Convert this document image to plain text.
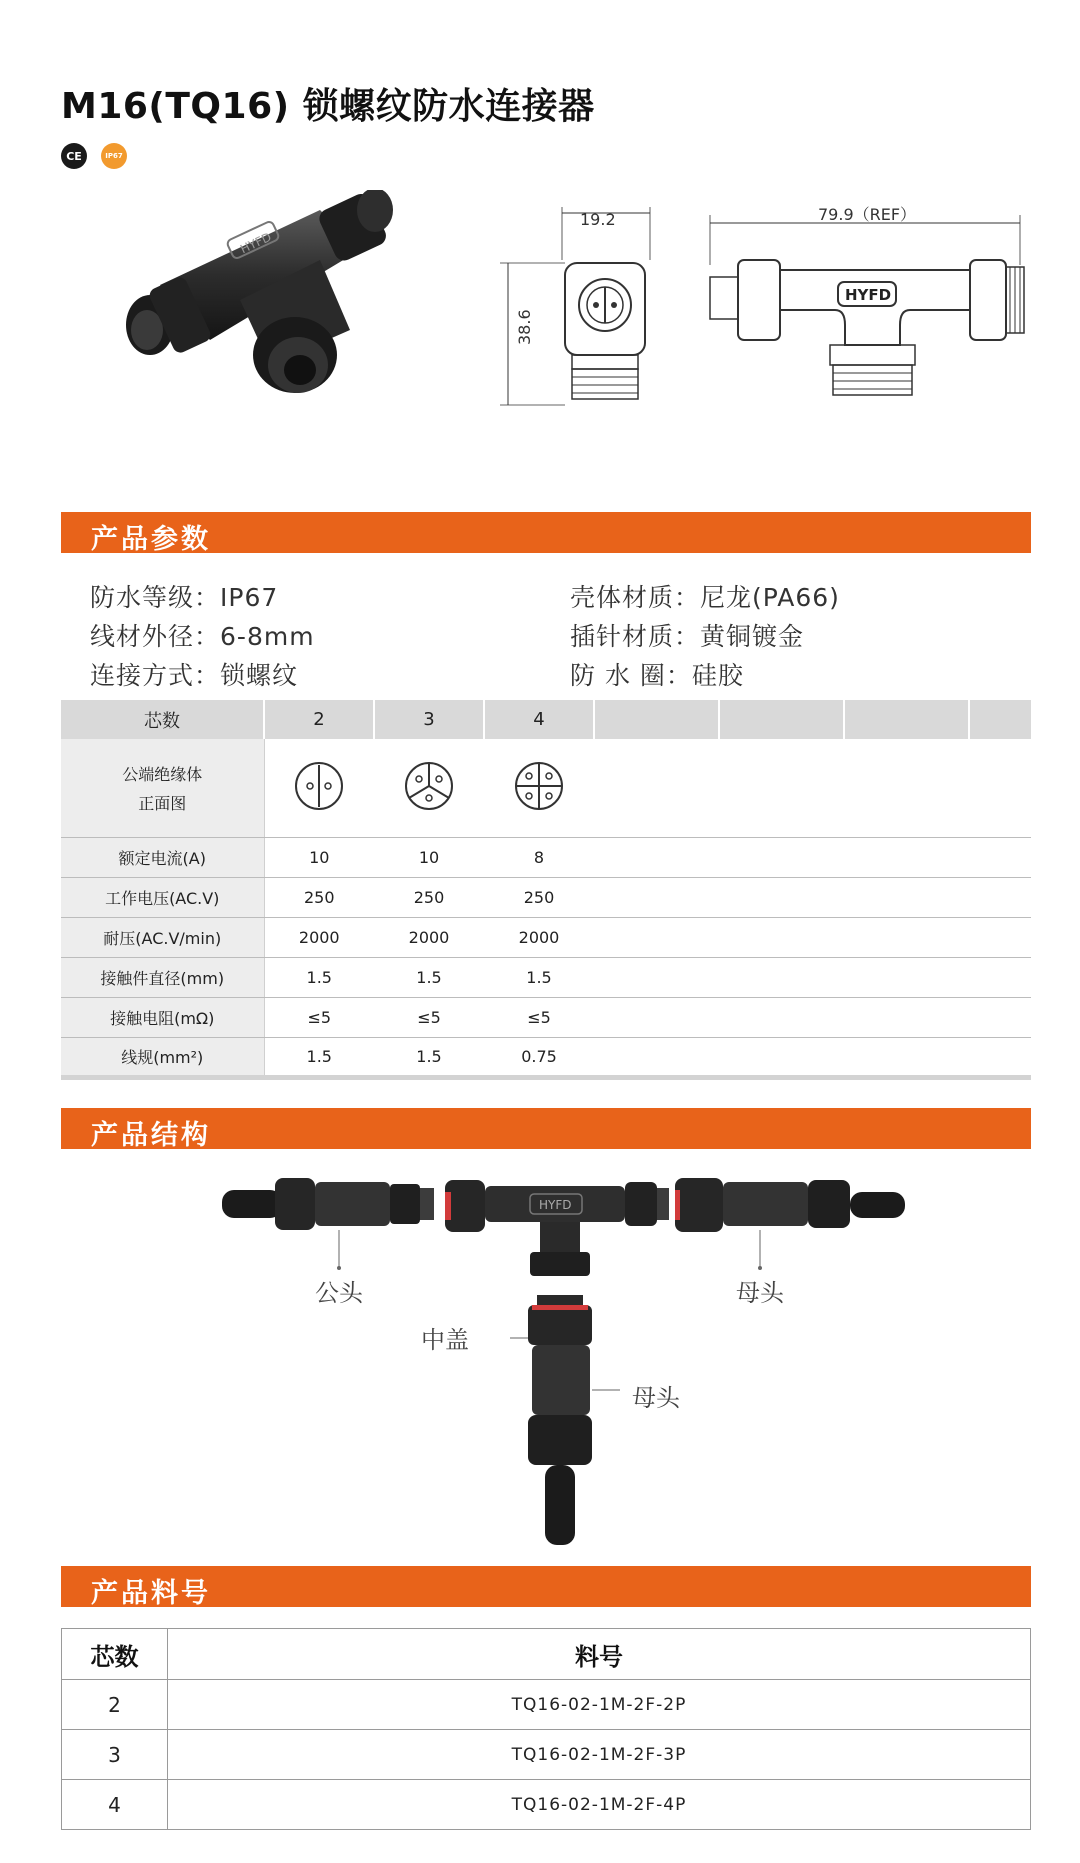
M16(TQ16) 锁螺纹防水连接器
CE	IP67
HYFD
19.2
38.6
79.9（REF）
HYFD
产品参数
防水等级：IP67
线材外径：6-8mm
连接方式：锁螺纹
壳体材质：尼龙(PA66)
插针材质：黄铜镀金
防 水 圈：硅胶
芯数	2	3	4				

公端绝缘体
正面图

额定电流(A)	10	10	8				
工作电压(AC.V)	250	250	250				
耐压(AC.V/min)	2000	2000	2000				
接触件直径(mm)	1.5	1.5	1.5				
接触电阻(mΩ)	≤5	≤5	≤5				
线规(mm²)	1.5	1.5	0.75				
产品结构
HYFD
公头	母头
中盖
母头
产品料号
芯数	料号
2	TQ16-02-1M-2F-2P
3	TQ16-02-1M-2F-3P
4	TQ16-02-1M-2F-4P
